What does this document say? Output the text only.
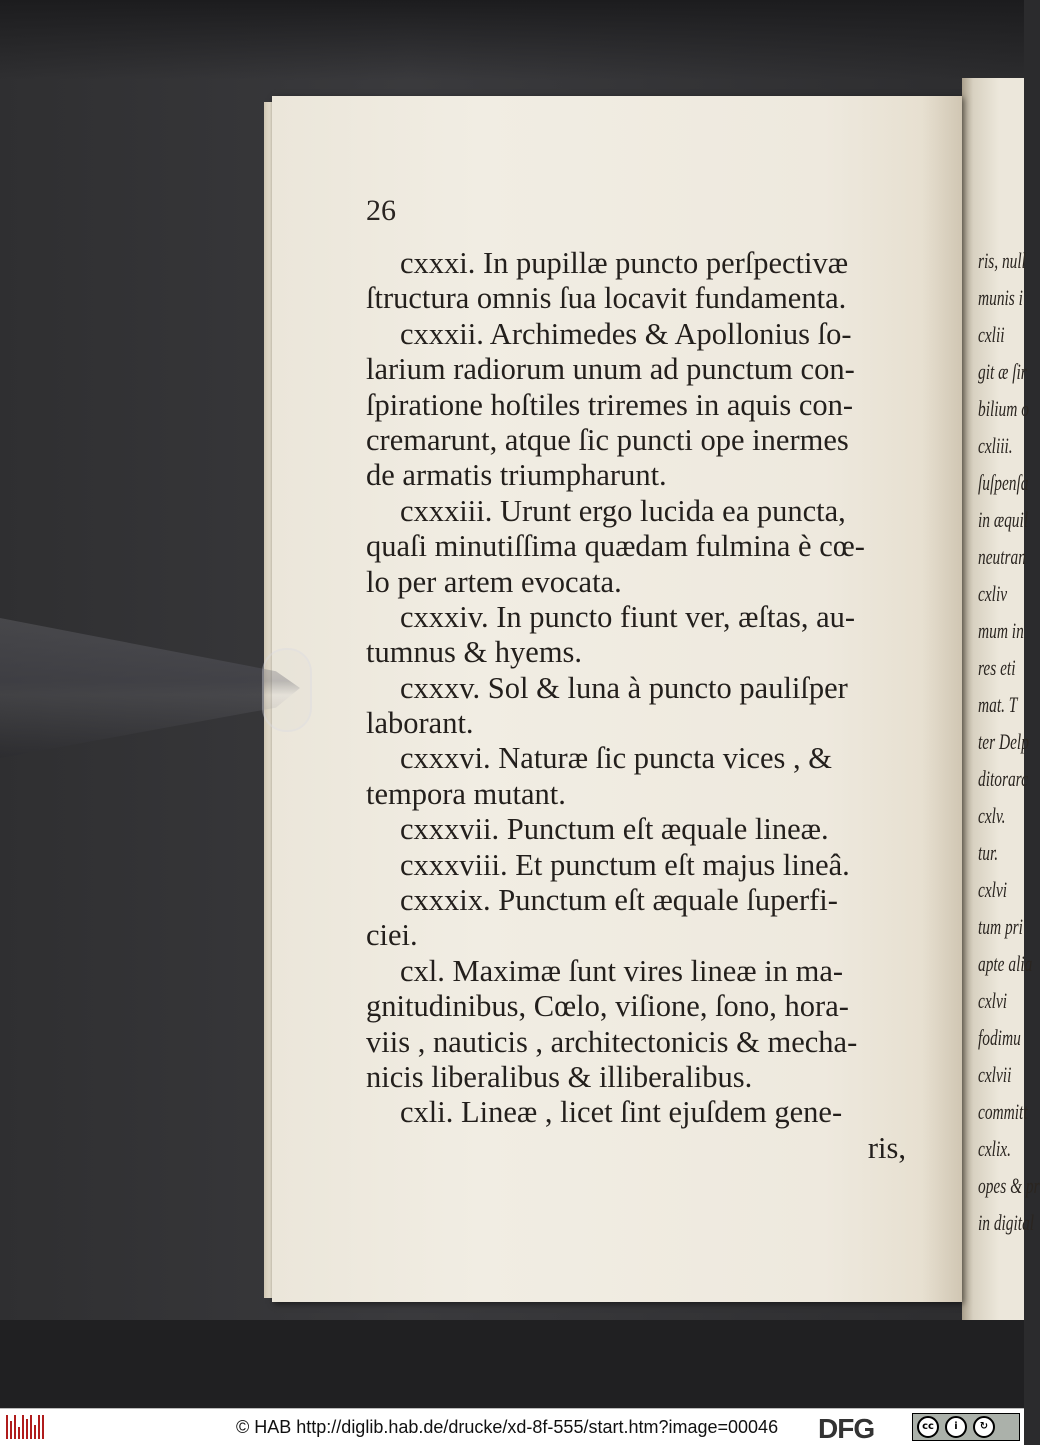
ris, null
munis i
cxlii
git æ ſir
bilium o
cxliii.
ſuſpenſa
in æquil
neutran
cxliv
mum in
res eti
mat. T
ter Delp
ditorarc
cxlv.
tur.
cxlvi
tum pri
apte alia
cxlvi
fodimu
cxlvii
committ
cxlix.
opes & pr
in digital

26

cxxxi. In pupillæ puncto perſpectivæ
ſtructura omnis ſua locavit fundamenta.
cxxxii. Archimedes & Apollonius ſo-
larium radiorum unum ad punctum con-
ſpiratione hoſtiles triremes in aquis con-
cremarunt, atque ſic puncti ope inermes
de armatis triumpharunt.
cxxxiii. Urunt ergo lucida ea puncta,
quaſi minutiſſima quædam fulmina è cœ-
lo per artem evocata.
cxxxiv. In puncto fiunt ver, æſtas, au-
tumnus & hyems.
cxxxv. Sol & luna à puncto pauliſper
laborant.
cxxxvi. Naturæ ſic puncta vices , &
tempora mutant.
cxxxvii. Punctum eſt æquale lineæ.
cxxxviii. Et punctum eſt majus lineâ.
cxxxix. Punctum eſt æquale ſuperfi-
ciei.
cxl. Maximæ ſunt vires lineæ in ma-
gnitudinibus, Cœlo, viſione, ſono, hora-
viis , nauticis , architectonicis & mecha-
nicis liberalibus & illiberalibus.
cxli. Lineæ , licet ſint ejuſdem gene-
ris,
© HAB http://diglib.hab.de/drucke/xd-8f-555/start.htm?image=00046 DFG	cc	i	↻
